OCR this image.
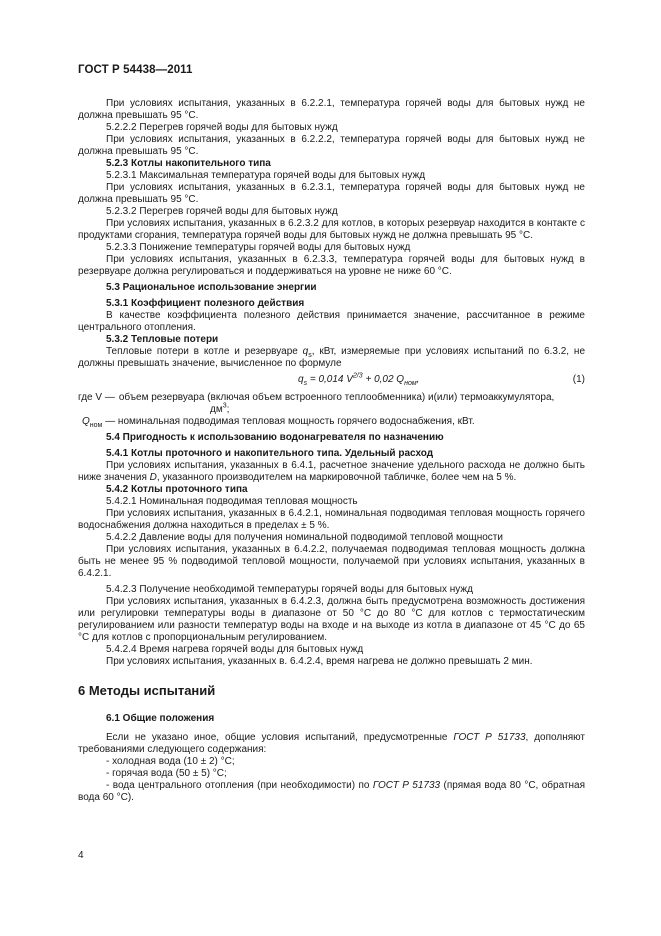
ГОСТ Р 54438—2011

При условиях испытания, указанных в 6.2.2.1, температура горячей воды для бытовых нужд не должна превышать 95 °С.

5.2.2.2 Перегрев горячей воды для бытовых нужд

При условиях испытания, указанных в 6.2.2.2, температура горячей воды для бытовых нужд не должна превышать 95 °С.

5.2.3 Котлы накопительного типа

5.2.3.1 Максимальная температура горячей воды для бытовых нужд

При условиях испытания, указанных в 6.2.3.1, температура горячей воды для бытовых нужд не должна превышать 95 °С.

5.2.3.2 Перегрев горячей воды для бытовых нужд

При условиях испытания, указанных в 6.2.3.2 для котлов, в которых резервуар находится в контакте с продуктами сгорания, температура горячей воды для бытовых нужд не должна превышать 95 °С.

5.2.3.3 Понижение температуры горячей воды для бытовых нужд

При условиях испытания, указанных в 6.2.3.3, температура горячей воды для бытовых нужд в резервуаре должна регулироваться и поддерживаться на уровне не ниже 60 °С.

5.3 Рациональное использование энергии

5.3.1 Коэффициент полезного действия

В качестве коэффициента полезного действия принимается значение, рассчитанное в режиме центрального отопления.

5.3.2 Тепловые потери

Тепловые потери в котле и резервуаре $q_s$, кВт, измеряемые при условиях испытаний по 6.3.2, не должны превышать значение, вычисленное по формуле

$q_s = 0,014$ $V^{2/3} + 0,02$ $Q_{ном}$,	(1)
где V — объем резервуара (включая объем встроенного теплообменника) и(или) термоаккумулятора,
$дм^3$;
$Q_{ном}$ — номинальная подводимая тепловая мощность горячего водоснабжения, кВт.

5.4 Пригодность к использованию водонагревателя по назначению

5.4.1 Котлы проточного и накопительного типа. Удельный расход

При условиях испытания, указанных в 6.4.1, расчетное значение удельного расхода не должно быть ниже значения D, указанного производителем на маркировочной табличке, более чем на 5 %.

5.4.2 Котлы проточного типа

5.4.2.1 Номинальная подводимая тепловая мощность

При условиях испытания, указанных в 6.4.2.1, номинальная подводимая тепловая мощность горячего водоснабжения должна находиться в пределах ± 5 %.

5.4.2.2 Давление воды для получения номинальной подводимой тепловой мощности

При условиях испытания, указанных в 6.4.2.2, получаемая подводимая тепловая мощность должна быть не менее 95 % подводимой тепловой мощности, получаемой при условиях испытания, указанных в 6.4.2.1.

5.4.2.3 Получение необходимой температуры горячей воды для бытовых нужд

При условиях испытания, указанных в 6.4.2.3, должна быть предусмотрена возможность достижения или регулировки температуры воды в диапазоне от 50 °С до 80 °С для котлов с термостатическим регулированием или разности температур воды на входе и на выходе из котла в диапазоне от 45 °С до 65 °С для котлов с пропорциональным регулированием.

5.4.2.4 Время нагрева горячей воды для бытовых нужд

При условиях испытания, указанных в. 6.4.2.4, время нагрева не должно превышать 2 мин.

6 Методы испытаний

6.1 Общие положения

Если не указано иное, общие условия испытаний, предусмотренные ГОСТ Р 51733, дополняют требованиями следующего содержания:

- холодная вода (10 ± 2) °С;

- горячая вода (50 ± 5) °С;

- вода центрального отопления (при необходимости) по ГОСТ Р 51733 (прямая вода 80 °С, обратная вода 60 °С).

4
